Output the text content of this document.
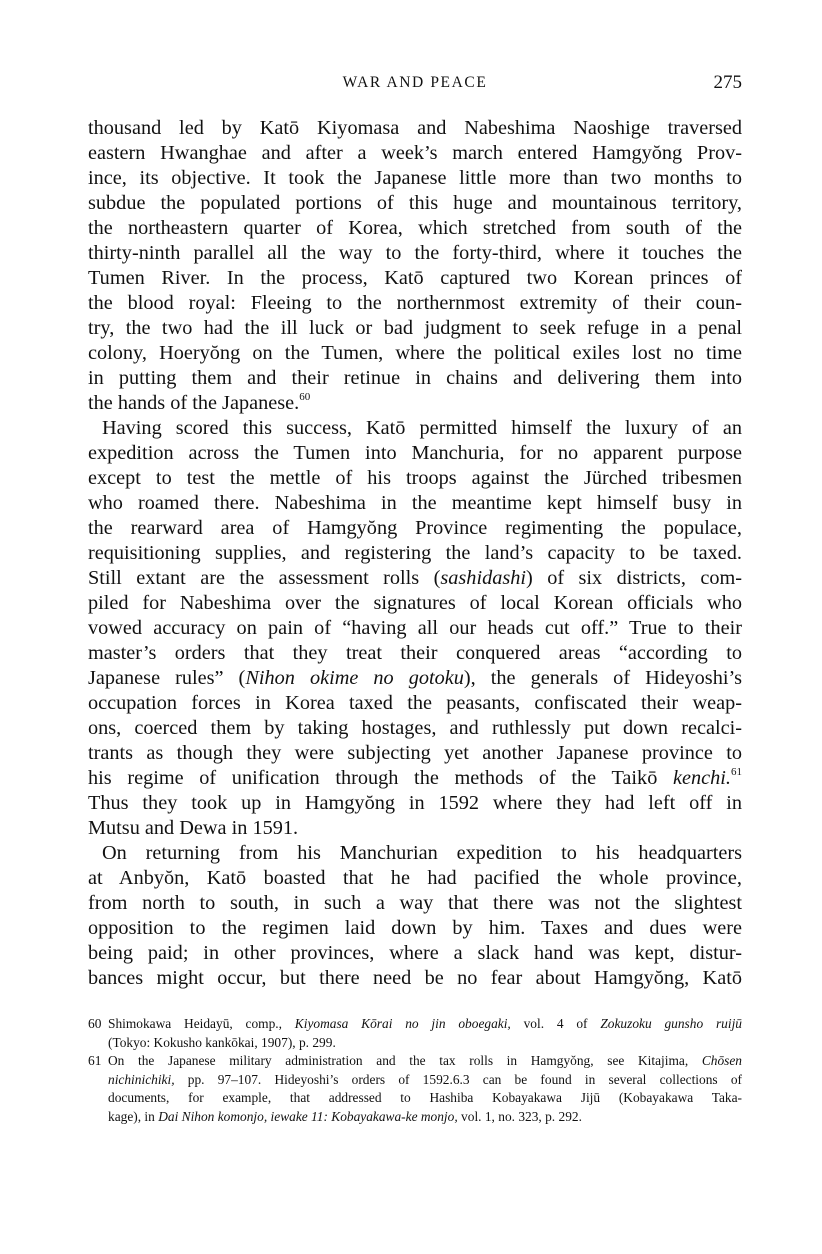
WAR AND PEACE	275
thousand led by Katō Kiyomasa and Nabeshima Naoshige traversed
eastern Hwanghae and after a week’s march entered Hamgyŏng Prov-
ince, its objective. It took the Japanese little more than two months to
subdue the populated portions of this huge and mountainous territory,
the northeastern quarter of Korea, which stretched from south of the
thirty-ninth parallel all the way to the forty-third, where it touches the
Tumen River. In the process, Katō captured two Korean princes of
the blood royal: Fleeing to the northernmost extremity of their coun-
try, the two had the ill luck or bad judgment to seek refuge in a penal
colony, Hoeryŏng on the Tumen, where the political exiles lost no time
in putting them and their retinue in chains and delivering them into
the hands of the Japanese.$^{60}$
Having scored this success, Katō permitted himself the luxury of an
expedition across the Tumen into Manchuria, for no apparent purpose
except to test the mettle of his troops against the Jürched tribesmen
who roamed there. Nabeshima in the meantime kept himself busy in
the rearward area of Hamgyŏng Province regimenting the populace,
requisitioning supplies, and registering the land’s capacity to be taxed.
Still extant are the assessment rolls (sashidashi) of six districts, com-
piled for Nabeshima over the signatures of local Korean officials who
vowed accuracy on pain of “having all our heads cut off.” True to their
master’s orders that they treat their conquered areas “according to
Japanese rules” (Nihon okime no gotoku), the generals of Hideyoshi’s
occupation forces in Korea taxed the peasants, confiscated their weap-
ons, coerced them by taking hostages, and ruthlessly put down recalci-
trants as though they were subjecting yet another Japanese province to
his regime of unification through the methods of the Taikō kenchi.$^{61}$
Thus they took up in Hamgyŏng in 1592 where they had left off in
Mutsu and Dewa in 1591.
On returning from his Manchurian expedition to his headquarters
at Anbyŏn, Katō boasted that he had pacified the whole province,
from north to south, in such a way that there was not the slightest
opposition to the regimen laid down by him. Taxes and dues were
being paid; in other provinces, where a slack hand was kept, distur-
bances might occur, but there need be no fear about Hamgyŏng, Katō
60 Shimokawa Heidayū, comp., Kiyomasa Kōrai no jin oboegaki, vol. 4 of Zokuzoku gunsho ruijū
(Tokyo: Kokusho kankōkai, 1907), p. 299.
61 On the Japanese military administration and the tax rolls in Hamgyŏng, see Kitajima, Chōsen
nichinichiki, pp. 97–107. Hideyoshi’s orders of 1592.6.3 can be found in several collections of
documents, for example, that addressed to Hashiba Kobayakawa Jijū (Kobayakawa Taka-
kage), in Dai Nihon komonjo, iewake 11: Kobayakawa-ke monjo, vol. 1, no. 323, p. 292.
